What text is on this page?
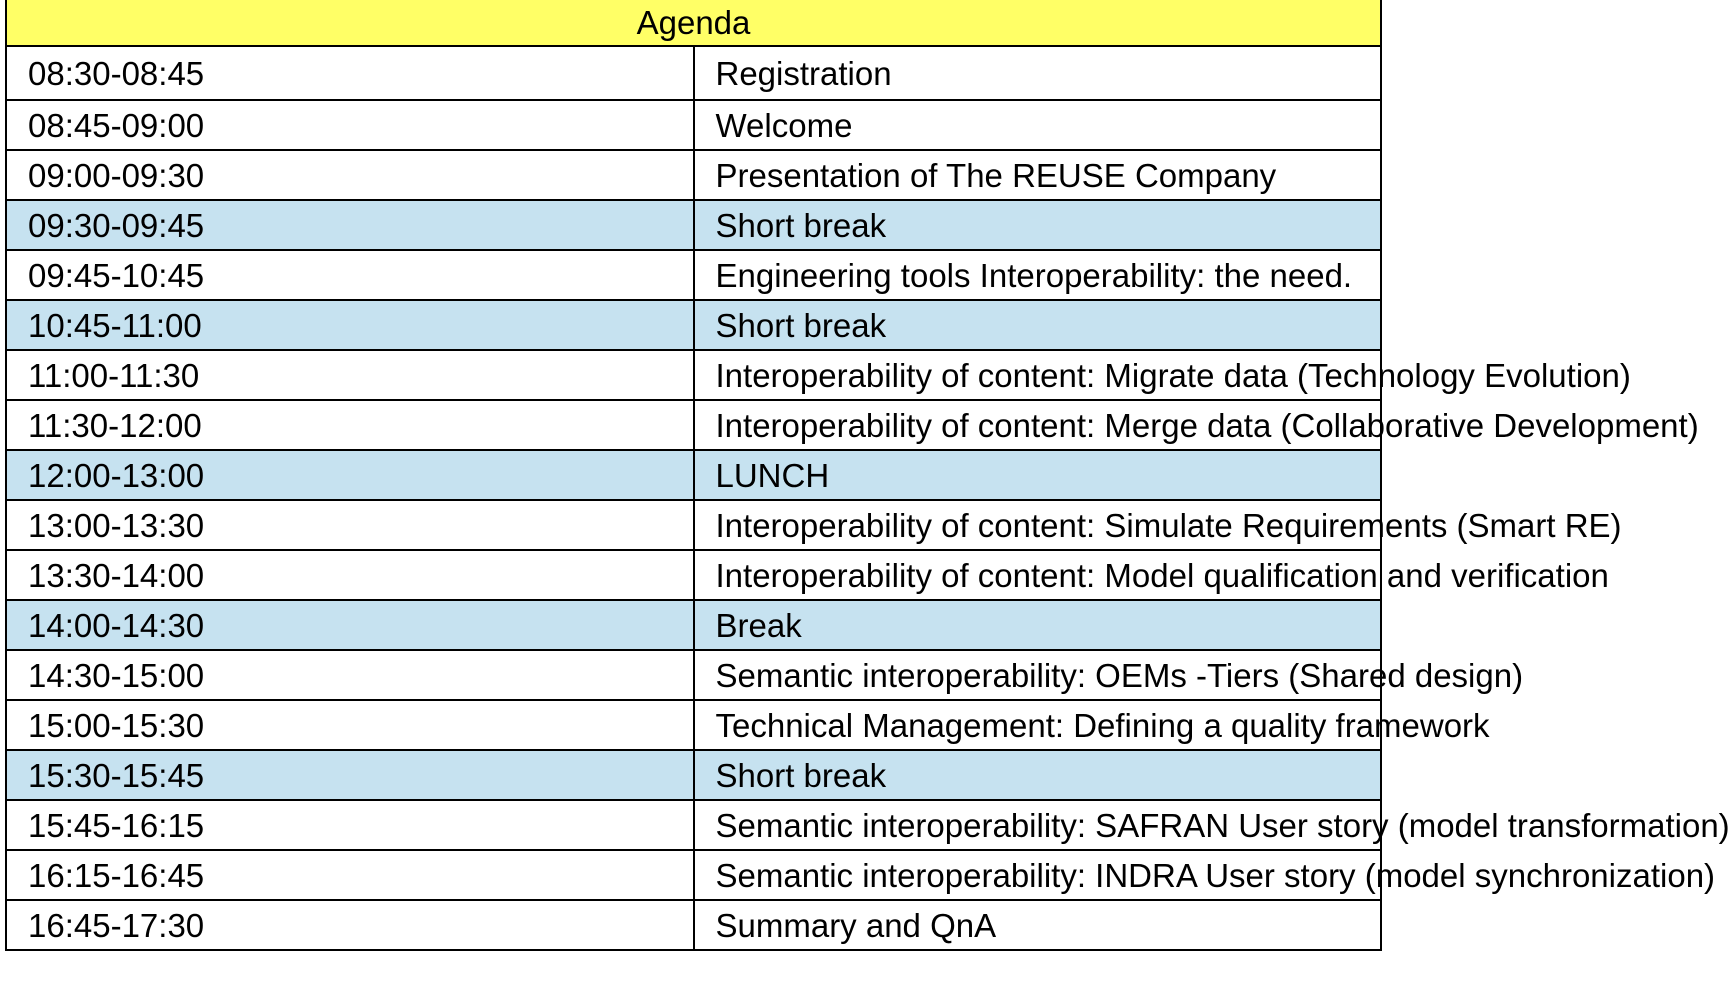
Agenda	
08:30-08:45	Registration
08:45-09:00	Welcome
09:00-09:30	Presentation of The REUSE Company
09:30-09:45	Short break
09:45-10:45	Engineering tools Interoperability: the need.
10:45-11:00	Short break
11:00-11:30	Interoperability of content: Migrate data (Technology Evolution)
11:30-12:00	Interoperability of content: Merge data (Collaborative Development)
12:00-13:00	LUNCH
13:00-13:30	Interoperability of content: Simulate Requirements (Smart RE)
13:30-14:00	Interoperability of content: Model qualification and verification
14:00-14:30	Break
14:30-15:00	Semantic interoperability: OEMs -Tiers (Shared design)
15:00-15:30	Technical Management: Defining a quality framework
15:30-15:45	Short break
15:45-16:15	Semantic interoperability: SAFRAN User story (model transformation)
16:15-16:45	Semantic interoperability: INDRA User story (model synchronization)
16:45-17:30	Summary and QnA
